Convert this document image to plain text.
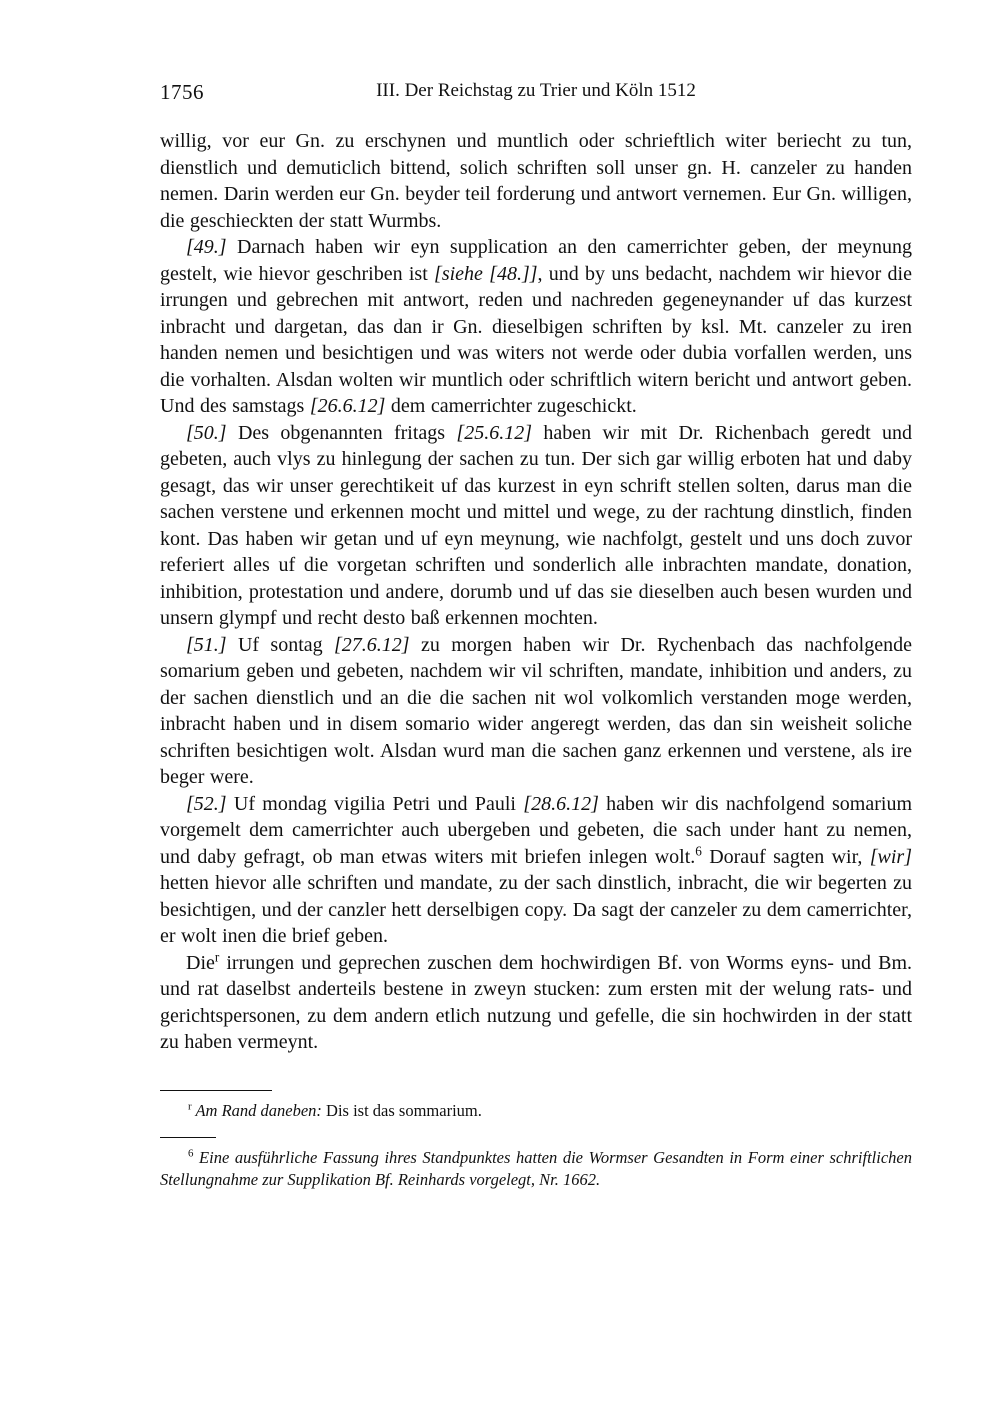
1756	III. Der Reichstag zu Trier und Köln 1512

willig, vor eur Gn. zu erschynen und muntlich oder schrieftlich witer beriecht zu tun, dienstlich und demuticlich bittend, solich schriften soll unser gn. H. canzeler zu handen nemen. Darin werden eur Gn. beyder teil forderung und antwort vernemen. Eur Gn. willigen, die geschieckten der statt Wurmbs.

[49.] Darnach haben wir eyn supplication an den camerrichter geben, der meynung gestelt, wie hievor geschriben ist [siehe [48.]], und by uns bedacht, nachdem wir hievor die irrungen und gebrechen mit antwort, reden und nachreden gegeneynander uf das kurzest inbracht und dargetan, das dan ir Gn. dieselbigen schriften by ksl. Mt. canzeler zu iren handen nemen und besichtigen und was witers not werde oder dubia vorfallen werden, uns die vorhalten. Alsdan wolten wir muntlich oder schriftlich witern bericht und antwort geben. Und des samstags [26.6.12] dem camerrichter zugeschickt.

[50.] Des obgenannten fritags [25.6.12] haben wir mit Dr. Richenbach geredt und gebeten, auch vlys zu hinlegung der sachen zu tun. Der sich gar willig erboten hat und daby gesagt, das wir unser gerechtikeit uf das kurzest in eyn schrift stellen solten, darus man die sachen verstene und erkennen mocht und mittel und wege, zu der rachtung dinstlich, finden kont. Das haben wir getan und uf eyn meynung, wie nachfolgt, gestelt und uns doch zuvor referiert alles uf die vorgetan schriften und sonderlich alle inbrachten mandate, donation, inhibition, protestation und andere, dorumb und uf das sie dieselben auch besen wurden und unsern glympf und recht desto baß erkennen mochten.

[51.] Uf sontag [27.6.12] zu morgen haben wir Dr. Rychenbach das nachfolgende somarium geben und gebeten, nachdem wir vil schriften, mandate, inhibition und anders, zu der sachen dienstlich und an die die sachen nit wol volkomlich verstanden moge werden, inbracht haben und in disem somario wider angeregt werden, das dan sin weisheit soliche schriften besichtigen wolt. Alsdan wurd man die sachen ganz erkennen und verstene, als ire beger were.

[52.] Uf mondag vigilia Petri und Pauli [28.6.12] haben wir dis nachfolgend somarium vorgemelt dem camerrichter auch ubergeben und gebeten, die sach under hant zu nemen, und daby gefragt, ob man etwas witers mit briefen inlegen wolt.$^6$ Dorauf sagten wir, [wir] hetten hievor alle schriften und mandate, zu der sach dinstlich, inbracht, die wir begerten zu besichtigen, und der canzler hett derselbigen copy. Da sagt der canzeler zu dem camerrichter, er wolt inen die brief geben.

Die$^r$ irrungen und geprechen zuschen dem hochwirdigen Bf. von Worms eyns- und Bm. und rat daselbst anderteils bestene in zweyn stucken: zum ersten mit der welung rats- und gerichtspersonen, zu dem andern etlich nutzung und gefelle, die sin hochwirden in der statt zu haben vermeynt.

$^r$ Am Rand daneben: Dis ist das sommarium.

$^6$ Eine ausführliche Fassung ihres Standpunktes hatten die Wormser Gesandten in Form einer schriftlichen Stellungnahme zur Supplikation Bf. Reinhards vorgelegt, Nr. 1662.
